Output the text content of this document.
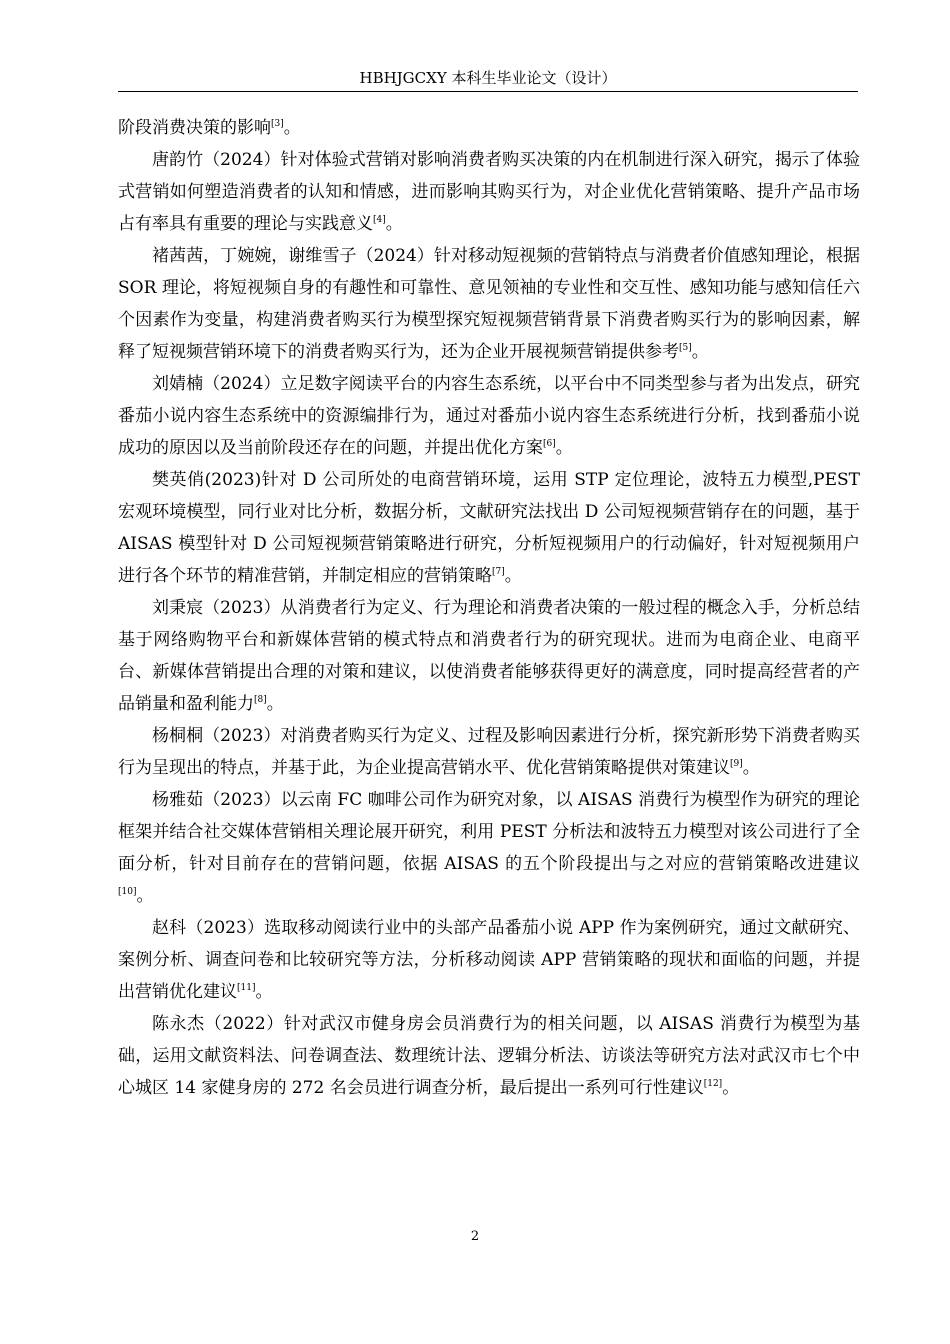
HBHJGCXY 本科生毕业论文（设计）

阶段消费决策的影响[3]。

唐韵竹（2024）针对体验式营销对影响消费者购买决策的内在机制进行深入研究，揭示了体验式营销如何塑造消费者的认知和情感，进而影响其购买行为，对企业优化营销策略、提升产品市场占有率具有重要的理论与实践意义[4]。

褚茜茜，丁婉婉，谢维雪子（2024）针对移动短视频的营销特点与消费者价值感知理论，根据 SOR 理论，将短视频自身的有趣性和可靠性、意见领袖的专业性和交互性、感知功能与感知信任六个因素作为变量，构建消费者购买行为模型探究短视频营销背景下消费者购买行为的影响因素，解释了短视频营销环境下的消费者购买行为，还为企业开展视频营销提供参考[5]。

刘婧楠（2024）立足数字阅读平台的内容生态系统，以平台中不同类型参与者为出发点，研究番茄小说内容生态系统中的资源编排行为，通过对番茄小说内容生态系统进行分析，找到番茄小说成功的原因以及当前阶段还存在的问题，并提出优化方案[6]。

樊英俏(2023)针对 D 公司所处的电商营销环境，运用 STP 定位理论，波特五力模型,PEST 宏观环境模型，同行业对比分析，数据分析，文献研究法找出 D 公司短视频营销存在的问题，基于 AISAS 模型针对 D 公司短视频营销策略进行研究，分析短视频用户的行动偏好，针对短视频用户进行各个环节的精准营销，并制定相应的营销策略[7]。

刘秉宸（2023）从消费者行为定义、行为理论和消费者决策的一般过程的概念入手，分析总结基于网络购物平台和新媒体营销的模式特点和消费者行为的研究现状。进而为电商企业、电商平台、新媒体营销提出合理的对策和建议，以使消费者能够获得更好的满意度，同时提高经营者的产品销量和盈利能力[8]。

杨桐桐（2023）对消费者购买行为定义、过程及影响因素进行分析，探究新形势下消费者购买行为呈现出的特点，并基于此，为企业提高营销水平、优化营销策略提供对策建议[9]。

杨雅茹（2023）以云南 FC 咖啡公司作为研究对象，以 AISAS 消费行为模型作为研究的理论框架并结合社交媒体营销相关理论展开研究，利用 PEST 分析法和波特五力模型对该公司进行了全面分析，针对目前存在的营销问题，依据 AISAS 的五个阶段提出与之对应的营销策略改进建议[10]。

赵科（2023）选取移动阅读行业中的头部产品番茄小说 APP 作为案例研究，通过文献研究、案例分析、调查问卷和比较研究等方法，分析移动阅读 APP 营销策略的现状和面临的问题，并提出营销优化建议[11]。

陈永杰（2022）针对武汉市健身房会员消费行为的相关问题，以 AISAS 消费行为模型为基础，运用文献资料法、问卷调查法、数理统计法、逻辑分析法、访谈法等研究方法对武汉市七个中心城区 14 家健身房的 272 名会员进行调查分析，最后提出一系列可行性建议[12]。

2
